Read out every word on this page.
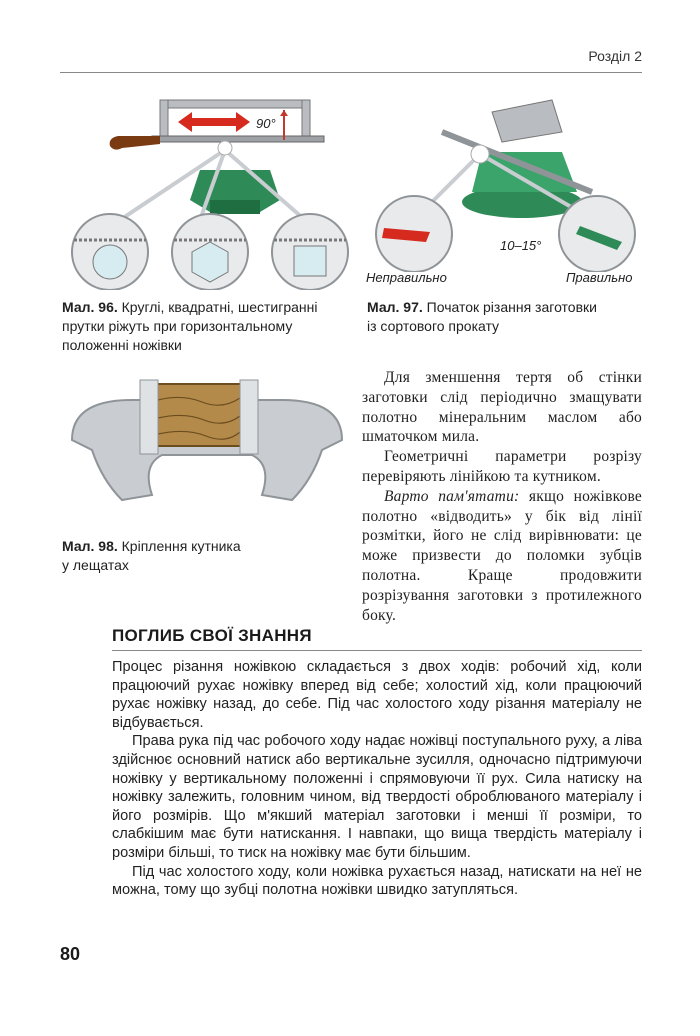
Розділ 2
90°
Мал. 96. Круглі, квадратні, шестигранні
прутки ріжуть при горизонтальному
положенні ножівки
10–15°
Неправильно	Правильно
Мал. 97. Початок різання заготовки
із сортового прокату
Мал. 98. Кріплення кутника
у лещатах

Для зменшення тертя об стінки заготовки слід періодично змащувати полотно мінеральним маслом або шматочком мила.

Геометричні параметри розрізу перевіряють лінійкою та кутником.

Варто пам'ятати: якщо ножівкове полотно «відводить» у бік від лінії розмітки, його не слід вирівнювати: це може призвести до поломки зубців полотна. Краще продовжити розрізування заготовки з протилежного боку.

ПОГЛИБ СВОЇ ЗНАННЯ

Процес різання ножівкою складається з двох ходів: робочий хід, коли працюючий рухає ножівку вперед від себе; холостий хід, коли працюючий рухає ножівку назад, до себе. Під час холостого ходу різання матеріалу не відбувається.

Права рука під час робочого ходу надає ножівці поступального руху, а ліва здійснює основний натиск або вертикальне зусилля, одночасно підтримуючи ножівку у вертикальному положенні і спрямовуючи її рух. Сила натиску на ножівку залежить, головним чином, від твердості оброблюваного матеріалу і його розмірів. Що м'якший матеріал заготовки і менші її розміри, то слабкішим має бути натискання. І навпаки, що вища твердість матеріалу і розміри більші, то тиск на ножівку має бути більшим.

Під час холостого ходу, коли ножівка рухається назад, натискати на неї не можна, тому що зубці полотна ножівки швидко затупляться.

80
